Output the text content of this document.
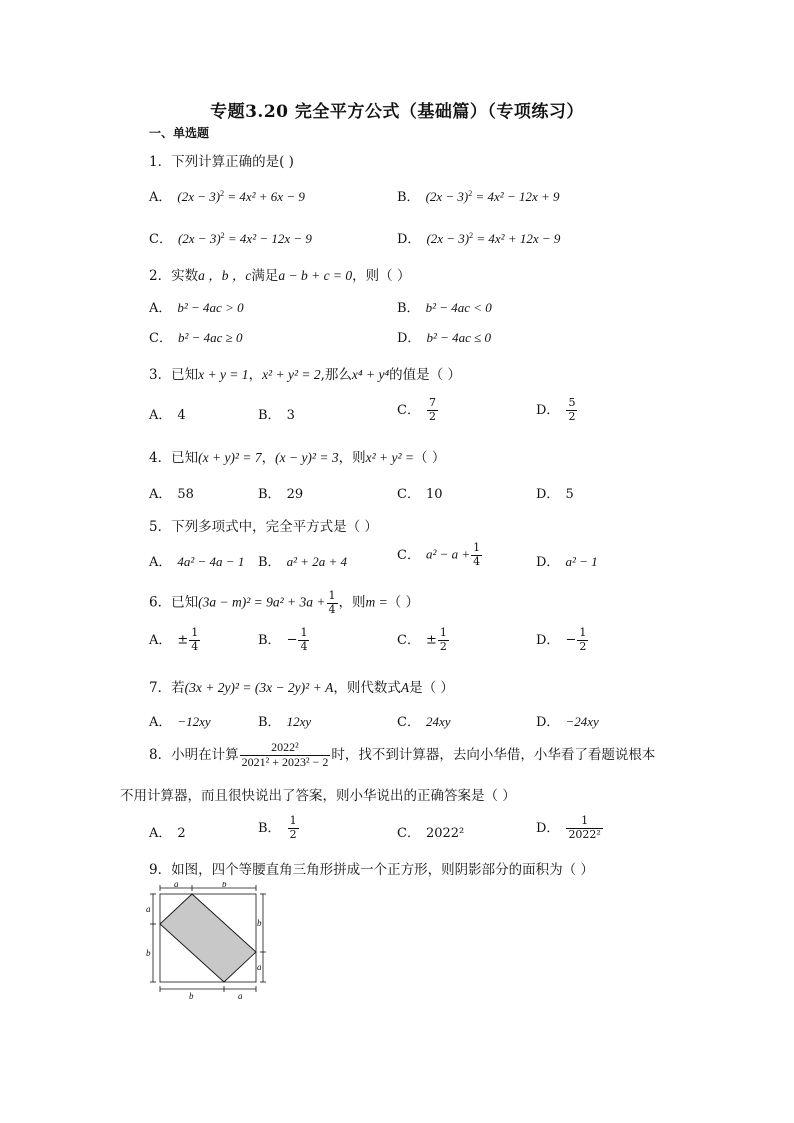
专题3.20 完全平方公式（基础篇）（专项练习）
一、单选题
1．下列计算正确的是( )
A． $(2x - 3)^2 = 4x^2 + 6x - 9$	B． $(2x - 3)^2 = 4x^2 - 12x + 9$
C． $(2x - 3)^2 = 4x^2 - 12x - 9$	D． $(2x - 3)^2 = 4x^2 + 12x - 9$
2．实数a ，b ，c满足a − b + c = 0，则（ ）
A． b² − 4ac > 0	B． b² − 4ac < 0
C． b² − 4ac ≥ 0	D． b² − 4ac ≤ 0
3．已知x + y = 1，x² + y² = 2,那么x⁴ + y⁴的值是（ ）
A． 4	B． 3	C． $\frac{7}{2}$	D． $\frac{5}{2}$
4．已知(x + y)² = 7，(x − y)² = 3，则x² + y² =（ ）
A． 58	B． 29	C． 10	D． 5
5．下列多项式中，完全平方式是（ ）
A． 4a² − 4a − 1 B． a² + 2a + 4	C． $a^2 - a + \frac{1}{4}$	D． a² − 1
6．已知$(3a - m)^2 = 9a^2 + 3a + \frac{1}{4}$ ，则m =（ ）
A． ± $\frac{1}{4}$	B． − $\frac{1}{4}$	C． ± $\frac{1}{2}$	D． − $\frac{1}{2}$
7．若(3x + 2y)² = (3x − 2y)² + A，则代数式A是（ ）
A． −12xy	B． 12xy	C． 24xy	D． −24xy
8．小明在计算 $\frac{\text{2022²}}{\text{2021² + 2023² − 2}}$ 时，找不到计算器，去向小华借，小华看了看题说根本
不用计算器，而且很快说出了答案，则小华说出的正确答案是（ ）
A． 2	B． $\frac{1}{2}$	C． 2022²	D． $\frac{1}{\text{2022²}}$
9．如图，四个等腰直角三角形拼成一个正方形，则阴影部分的面积为（ ）
a	b
a
b
b
a
b	a
